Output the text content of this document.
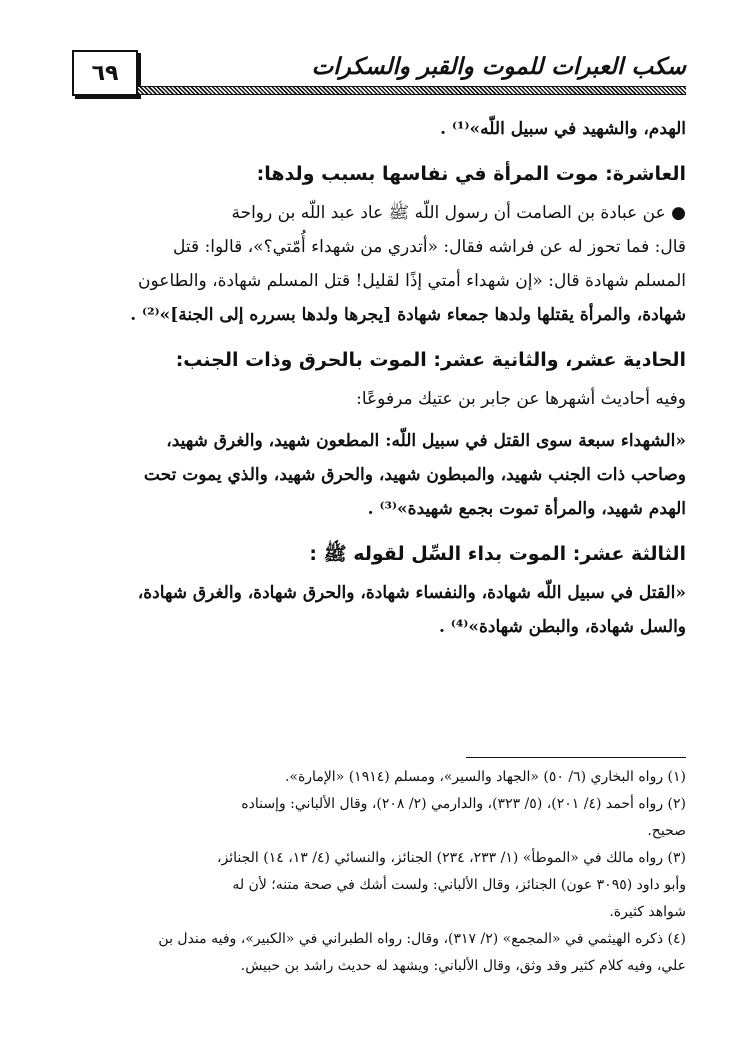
٦٩	سكب العبرات للموت والقبر والسكرات
الهدم، والشهيد في سبيل اللّه»⁽¹⁾ .
العاشرة: موت المرأة في نفاسها بسبب ولدها:
● عن عبادة بن الصامت أن رسول اللّه ﷺ عاد عبد اللّه بن رواحة
قال: فما تحوز له عن فراشه فقال: «أتدري من شهداء أُمّتي؟»، قالوا: قتل
المسلم شهادة قال: «إن شهداء أمتي إذًا لقليل! قتل المسلم شهادة، والطاعون
شهادة، والمرأة يقتلها ولدها جمعاء شهادة [يجرها ولدها بسرره إلى الجنة]»⁽²⁾ .
الحادية عشر، والثانية عشر: الموت بالحرق وذات الجنب:
وفيه أحاديث أشهرها عن جابر بن عتيك مرفوعًا:
«الشهداء سبعة سوى القتل في سبيل اللّه: المطعون شهيد، والغرق شهيد،
وصاحب ذات الجنب شهيد، والمبطون شهيد، والحرق شهيد، والذي يموت تحت
الهدم شهيد، والمرأة تموت بجمع شهيدة»⁽³⁾ .
الثالثة عشر: الموت بداء السِّل لقوله ﷺ :
«القتل في سبيل اللّه شهادة، والنفساء شهادة، والحرق شهادة، والغرق شهادة،
والسل شهادة، والبطن شهادة»⁽⁴⁾ .
(١) رواه البخاري (٦/ ٥٠) «الجهاد والسير»، ومسلم (١٩١٤) «الإمارة».
(٢) رواه أحمد (٤/ ٢٠١)، (٥/ ٣٢٣)، والدارمي (٢/ ٢٠٨)، وقال الألباني: وإسناده
صحيح.
(٣) رواه مالك في «الموطأ» (١/ ٢٣٣، ٢٣٤) الجنائز، والنسائي (٤/ ١٣، ١٤) الجنائز،
وأبو داود (٣٠٩٥ عون) الجنائز، وقال الألباني: ولست أشك في صحة متنه؛ لأن له
شواهد كثيرة.
(٤) ذكره الهيثمي في «المجمع» (٢/ ٣١٧)، وقال: رواه الطبراني في «الكبير»، وفيه مندل بن
علي، وفيه كلام كثير وقد وثق، وقال الألباني: ويشهد له حديث راشد بن حبيش.
